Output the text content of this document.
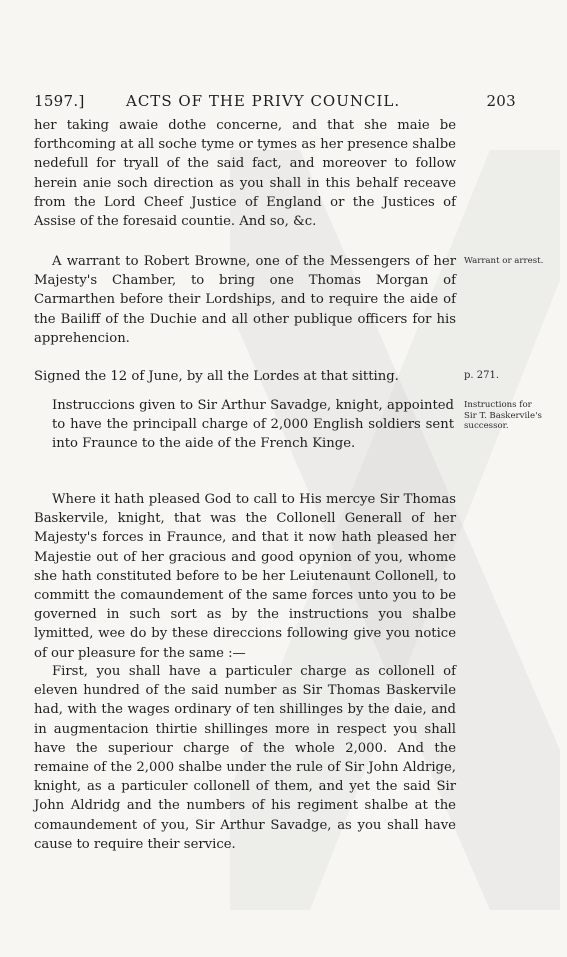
1597.]	ACTS OF THE PRIVY COUNCIL.	203

her taking awaie dothe concerne, and that she maie be forthcoming at all soche tyme or tymes as her presence shalbe nedefull for tryall of the said fact, and moreover to follow herein anie soch direction as you shall in this behalf receave from the Lord Cheef Justice of England or the Justices of Assise of the foresaid countie. And so, &c.

A warrant to Robert Browne, one of the Messengers of her Majesty's Chamber, to bring one Thomas Morgan of Carmarthen before their Lordships, and to require the aide of the Bailiff of the Duchie and all other publique officers for his apprehencion.

Warrant or arrest.
Signed the 12 of June, by all the Lordes at that sitting.	p. 271.

Instruccions given to Sir Arthur Savadge, knight, appointed to have the principall charge of 2,000 English soldiers sent into Fraunce to the aide of the French Kinge.

Instructions for Sir T. Baskervile's successor.

Where it hath pleased God to call to His mercye Sir Thomas Baskervile, knight, that was the Collonell Generall of her Majesty's forces in Fraunce, and that it now hath pleased her Majestie out of her gracious and good opynion of you, whome she hath constituted before to be her Leiutenaunt Collonell, to committ the comaundement of the same forces unto you to be governed in such sort as by the instructions you shalbe lymitted, wee do by these direccions following give you notice of our pleasure for the same :—

First, you shall have a particuler charge as collonell of eleven hundred of the said number as Sir Thomas Baskervile had, with the wages ordinary of ten shillinges by the daie, and in augmentacion thirtie shillinges more in respect you shall have the superiour charge of the whole 2,000. And the remaine of the 2,000 shalbe under the rule of Sir John Aldrige, knight, as a particuler collonell of them, and yet the said Sir John Aldridg and the numbers of his regiment shalbe at the comaundement of you, Sir Arthur Savadge, as you shall have cause to require their service.
